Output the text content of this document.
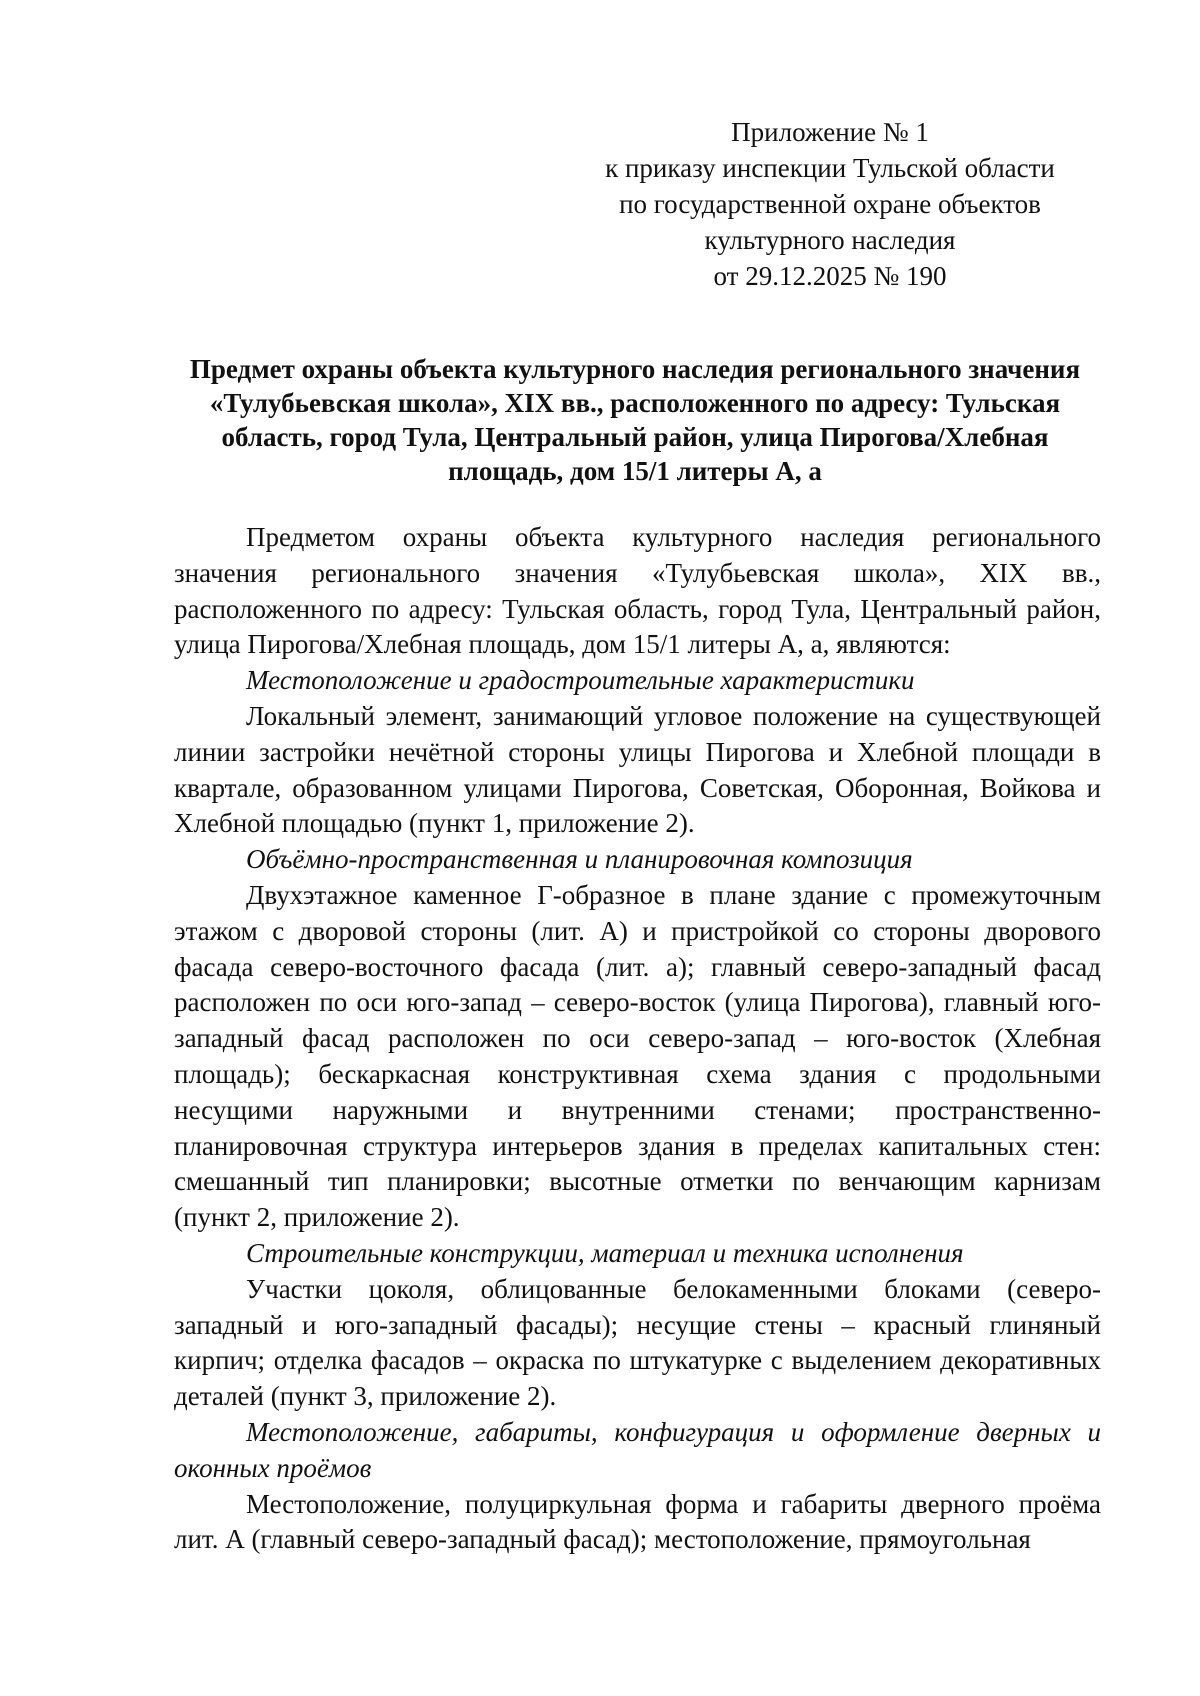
Приложение № 1
к приказу инспекции Тульской области
по государственной охране объектов
культурного наследия
от 29.12.2025 № 190
Предмет охраны объекта культурного наследия регионального значения «Тулубьевская школа», XIX вв., расположенного по адресу: Тульская область, город Тула, Центральный район, улица Пирогова/Хлебная площадь, дом 15/1 литеры А, а

Предметом охраны объекта культурного наследия регионального значения регионального значения «Тулубьевская школа», XIX вв., расположенного по адресу: Тульская область, город Тула, Центральный район, улица Пирогова/Хлебная площадь, дом 15/1 литеры А, а, являются:

Местоположение и градостроительные характеристики

Локальный элемент, занимающий угловое положение на существующей линии застройки нечётной стороны улицы Пирогова и Хлебной площади в квартале, образованном улицами Пирогова, Советская, Оборонная, Войкова и Хлебной площадью (пункт 1, приложение 2).

Объёмно-пространственная и планировочная композиция

Двухэтажное каменное Г-образное в плане здание с промежуточным этажом с дворовой стороны (лит. А) и пристройкой со стороны дворового фасада северо-восточного фасада (лит. а); главный северо-западный фасад расположен по оси юго-запад – северо-восток (улица Пирогова), главный юго-западный фасад расположен по оси северо-запад – юго-восток (Хлебная площадь); бескаркасная конструктивная схема здания с продольными несущими наружными и внутренними стенами; пространственно-планировочная структура интерьеров здания в пределах капитальных стен: смешанный тип планировки; высотные отметки по венчающим карнизам (пункт 2, приложение 2).

Строительные конструкции, материал и техника исполнения

Участки цоколя, облицованные белокаменными блоками (северо-западный и юго-западный фасады); несущие стены – красный глиняный кирпич; отделка фасадов – окраска по штукатурке с выделением декоративных деталей (пункт 3, приложение 2).

Местоположение, габариты, конфигурация и оформление дверных и оконных проёмов

Местоположение, полуциркульная форма и габариты дверного проёма лит. А (главный северо-западный фасад); местоположение, прямоугольная
